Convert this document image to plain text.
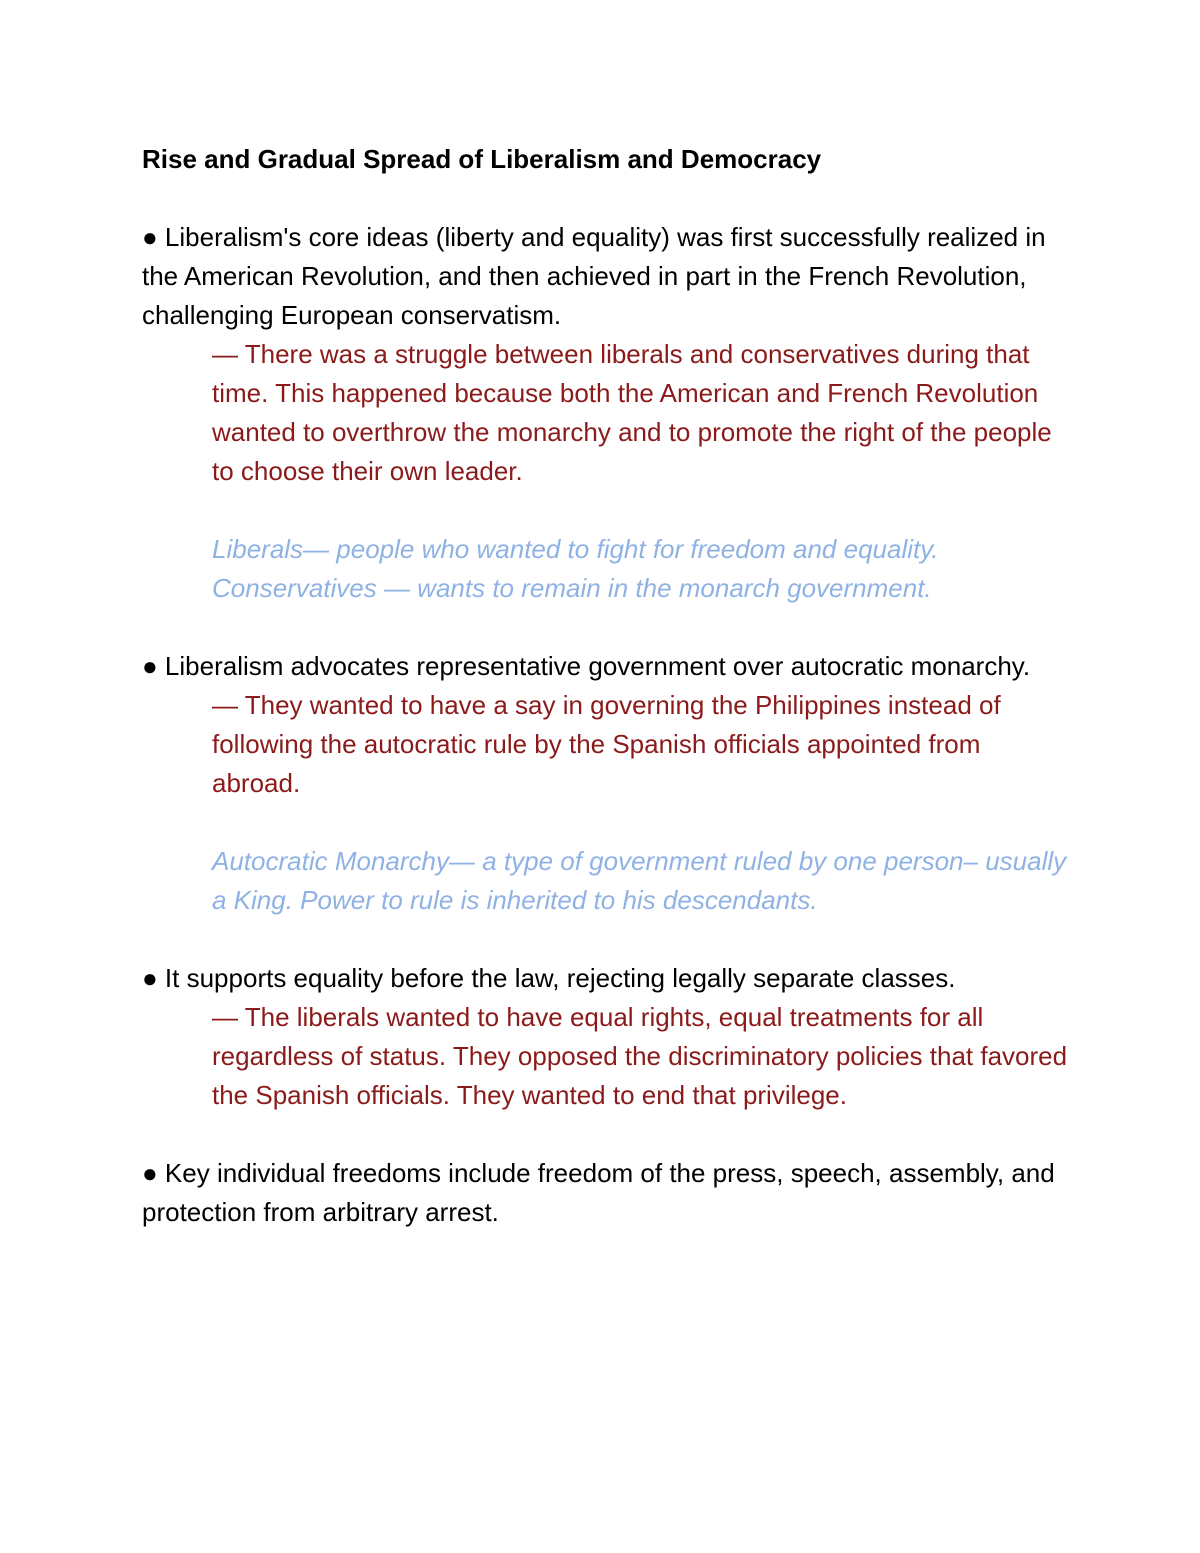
Rise and Gradual Spread of Liberalism and Democracy

● Liberalism's core ideas (liberty and equality) was first successfully realized in the American Revolution, and then achieved in part in the French Revolution, challenging European conservatism.

— There was a struggle between liberals and conservatives during that time. This happened because both the American and French Revolution wanted to overthrow the monarchy and to promote the right of the people to choose their own leader.

Liberals— people who wanted to fight for freedom and equality.

Conservatives — wants to remain in the monarch government.

● Liberalism advocates representative government over autocratic monarchy.

— They wanted to have a say in governing the Philippines instead of following the autocratic rule by the Spanish officials appointed from abroad.

Autocratic Monarchy— a type of government ruled by one person– usually a King. Power to rule is inherited to his descendants.

● It supports equality before the law, rejecting legally separate classes.

— The liberals wanted to have equal rights, equal treatments for all regardless of status. They opposed the discriminatory policies that favored the Spanish officials. They wanted to end that privilege.

● Key individual freedoms include freedom of the press, speech, assembly, and protection from arbitrary arrest.
